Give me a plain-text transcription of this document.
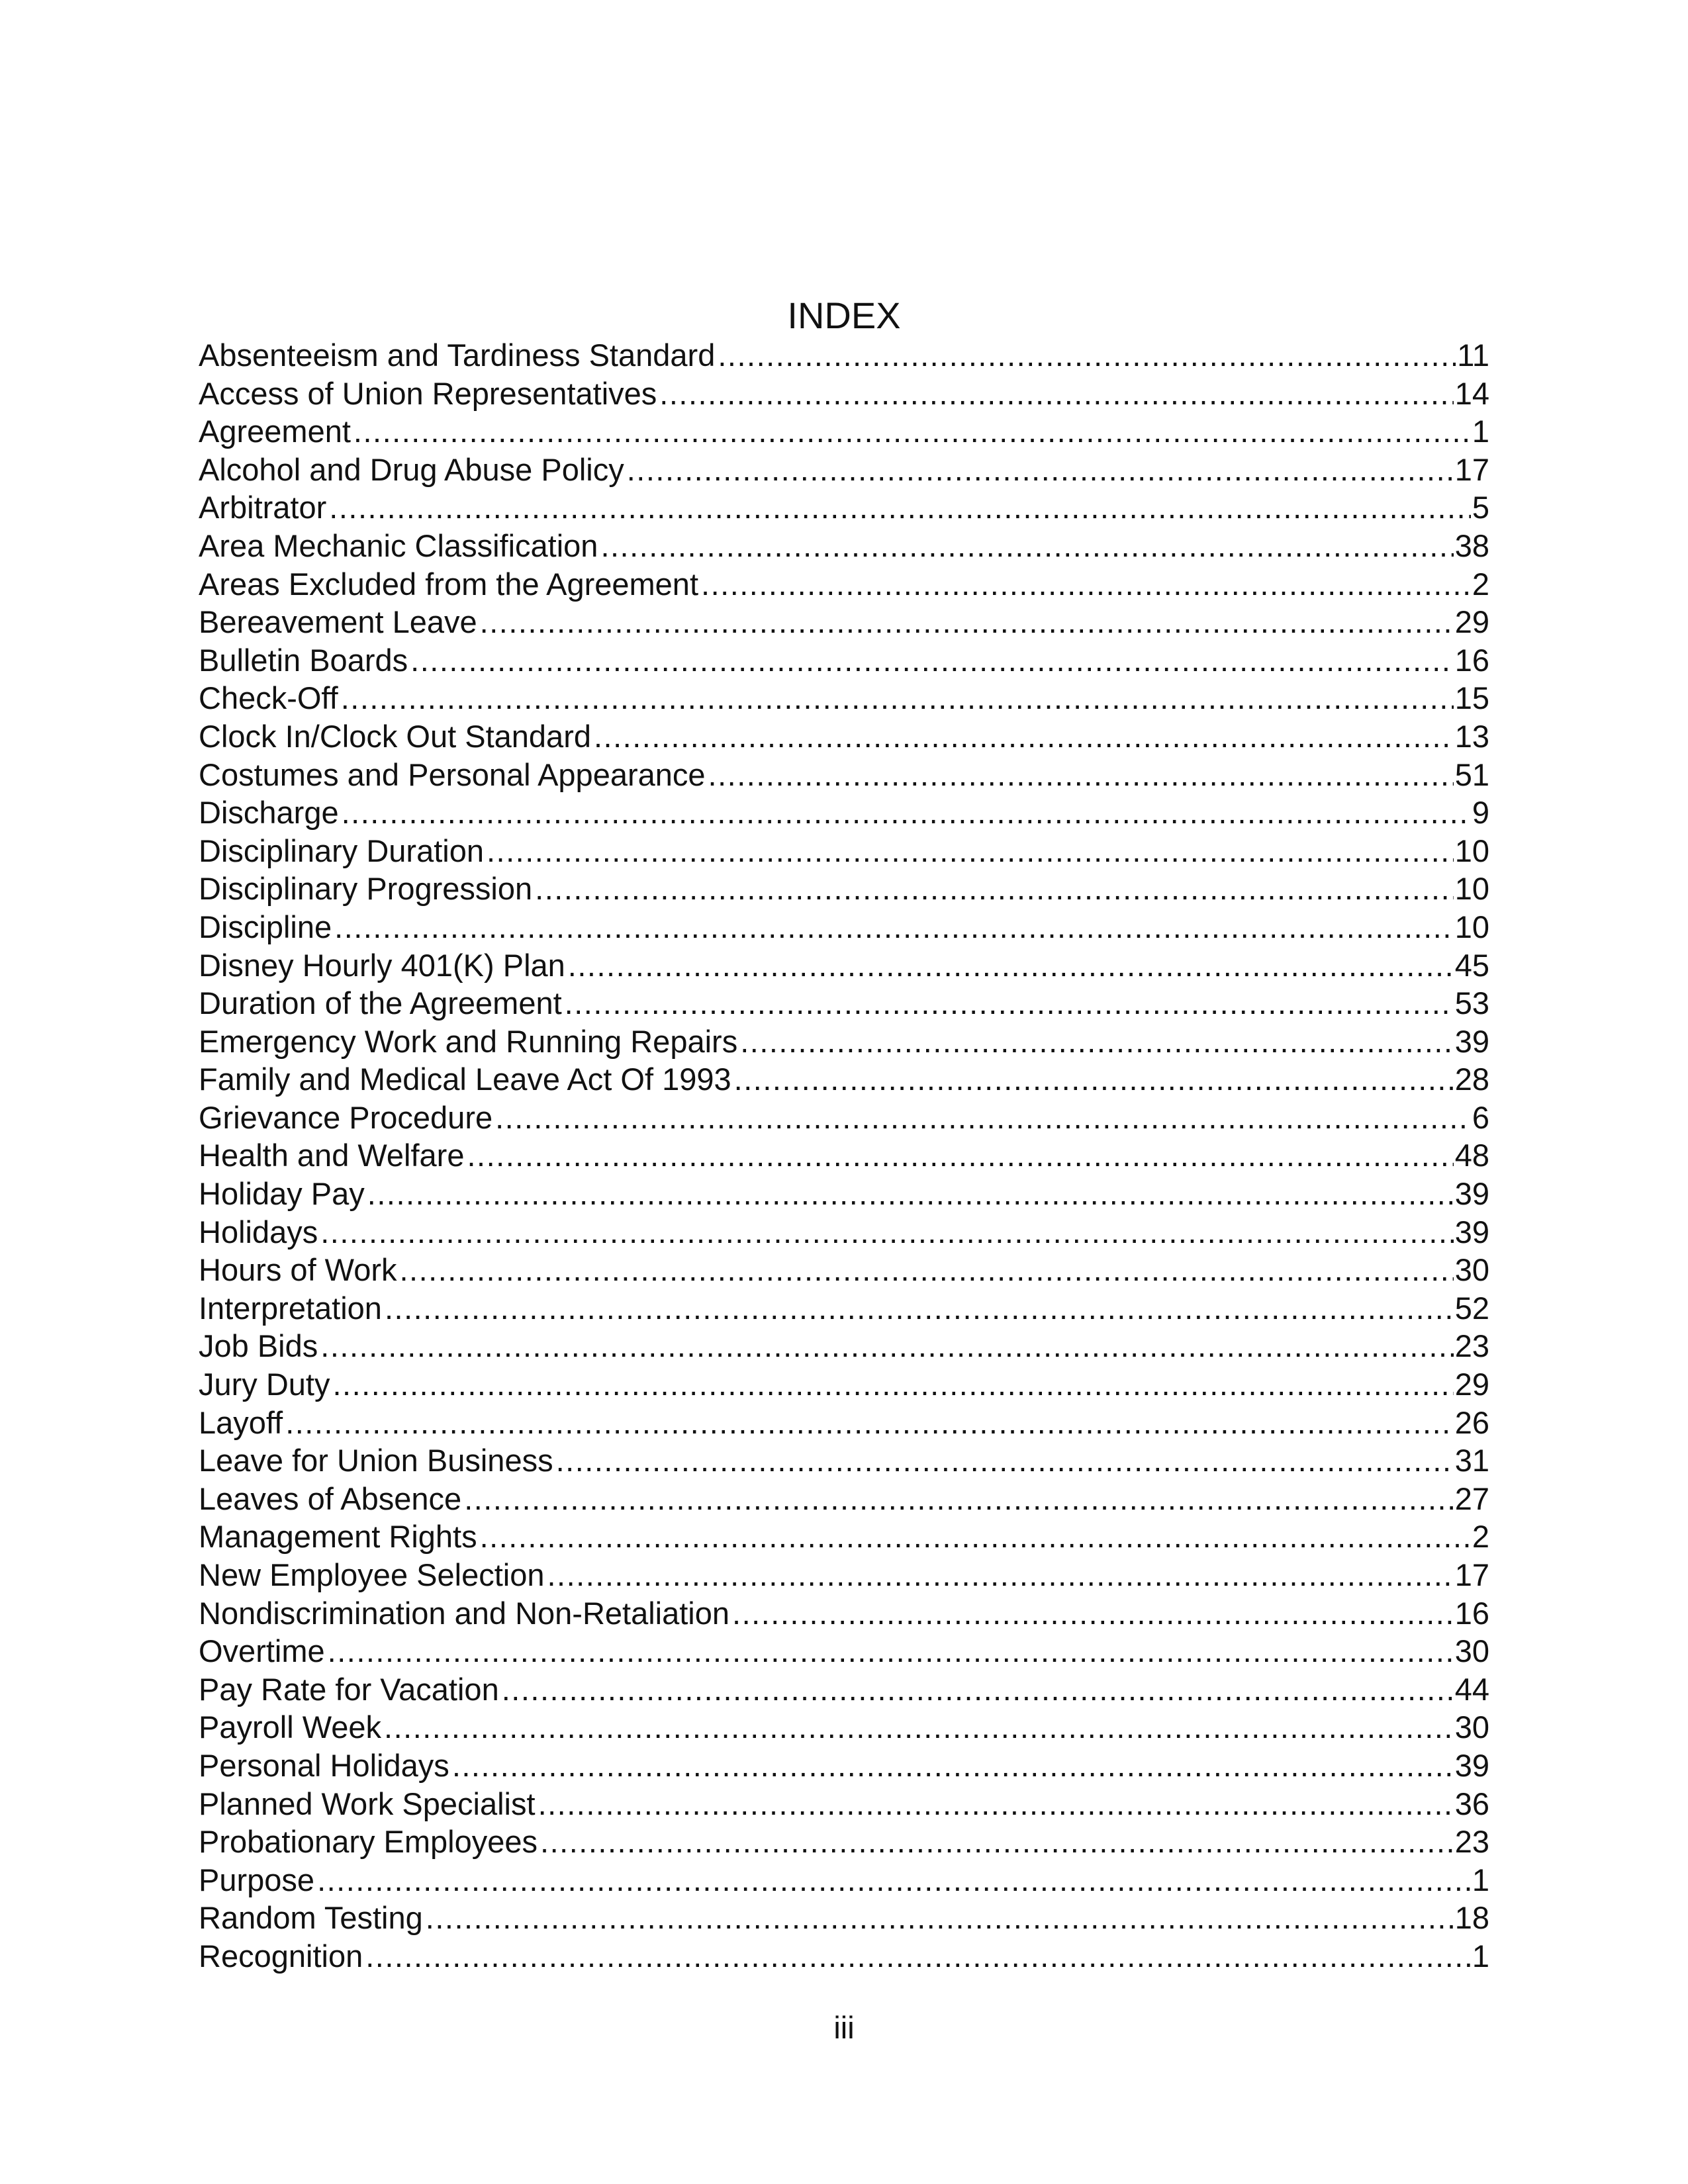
INDEX
Absenteeism and Tardiness Standard .....	11
Access of Union Representatives .....	14
Agreement .....	1
Alcohol and Drug Abuse Policy .....	17
Arbitrator .....	5
Area Mechanic Classification .....	38
Areas Excluded from the Agreement .....	2
Bereavement Leave .....	29
Bulletin Boards .....	16
Check-Off .....	15
Clock In/Clock Out Standard .....	13
Costumes and Personal Appearance .....	51
Discharge .....	9
Disciplinary Duration .....	10
Disciplinary Progression .....	10
Discipline .....	10
Disney Hourly 401(K) Plan .....	45
Duration of the Agreement .....	53
Emergency Work and Running Repairs .....	39
Family and Medical Leave Act Of 1993 .....	28
Grievance Procedure .....	6
Health and Welfare .....	48
Holiday Pay .....	39
Holidays .....	39
Hours of Work .....	30
Interpretation .....	52
Job Bids .....	23
Jury Duty .....	29
Layoff .....	26
Leave for Union Business .....	31
Leaves of Absence .....	27
Management Rights .....	2
New Employee Selection .....	17
Nondiscrimination and Non-Retaliation .....	16
Overtime .....	30
Pay Rate for Vacation .....	44
Payroll Week .....	30
Personal Holidays .....	39
Planned Work Specialist .....	36
Probationary Employees .....	23
Purpose .....	1
Random Testing .....	18
Recognition .....	1
iii
